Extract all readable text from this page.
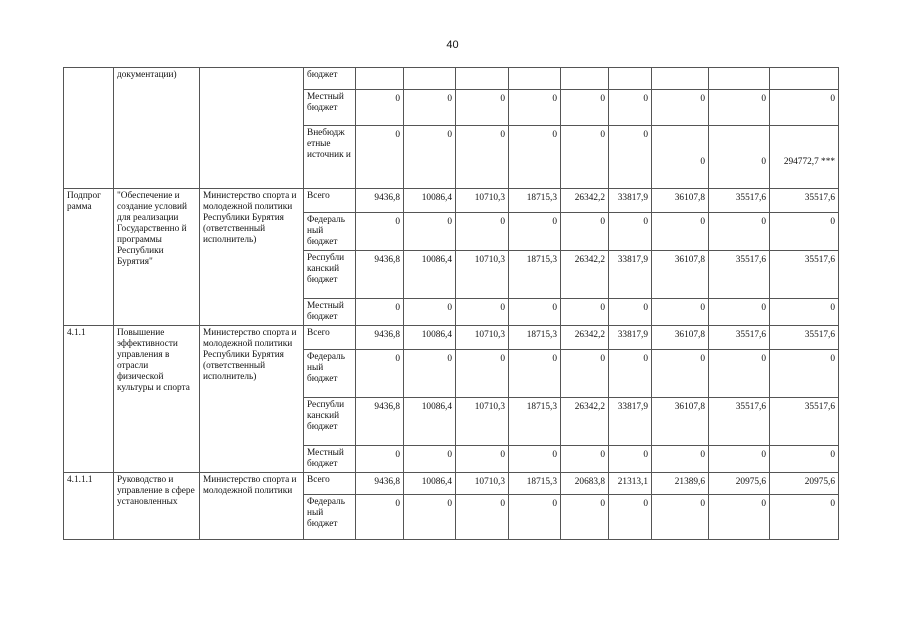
40
	документации)		бюджет									
			Местный бюджет	0	0	0	0	0	0	0	0	0
			Внебюдж етные источник и	0	0	0	0	0	0	0	0	294772,7 ***
Подпрог рамма	"Обеспечение и создание условий для реализации Государственно й программы Республики Бурятия"	Министерство спорта и молодежной политики Республики Бурятия (ответственный исполнитель)	Всего	9436,8	10086,4	10710,3	18715,3	26342,2	33817,9	36107,8	35517,6	35517,6
			Федераль ный бюджет	0	0	0	0	0	0	0	0	0
			Республи канский бюджет	9436,8	10086,4	10710,3	18715,3	26342,2	33817,9	36107,8	35517,6	35517,6
			Местный бюджет	0	0	0	0	0	0	0	0	0
4.1.1	Повышение эффективности управления в отрасли физической культуры и спорта	Министерство спорта и молодежной политики Республики Бурятия (ответственный исполнитель)	Всего	9436,8	10086,4	10710,3	18715,3	26342,2	33817,9	36107,8	35517,6	35517,6
			Федераль ный бюджет	0	0	0	0	0	0	0	0	0
			Республи канский бюджет	9436,8	10086,4	10710,3	18715,3	26342,2	33817,9	36107,8	35517,6	35517,6
			Местный бюджет	0	0	0	0	0	0	0	0	0
4.1.1.1	Руководство и управление в сфере установленных	Министерство спорта и молодежной политики	Всего	9436,8	10086,4	10710,3	18715,3	20683,8	21313,1	21389,6	20975,6	20975,6
			Федераль ный бюджет	0	0	0	0	0	0	0	0	0
